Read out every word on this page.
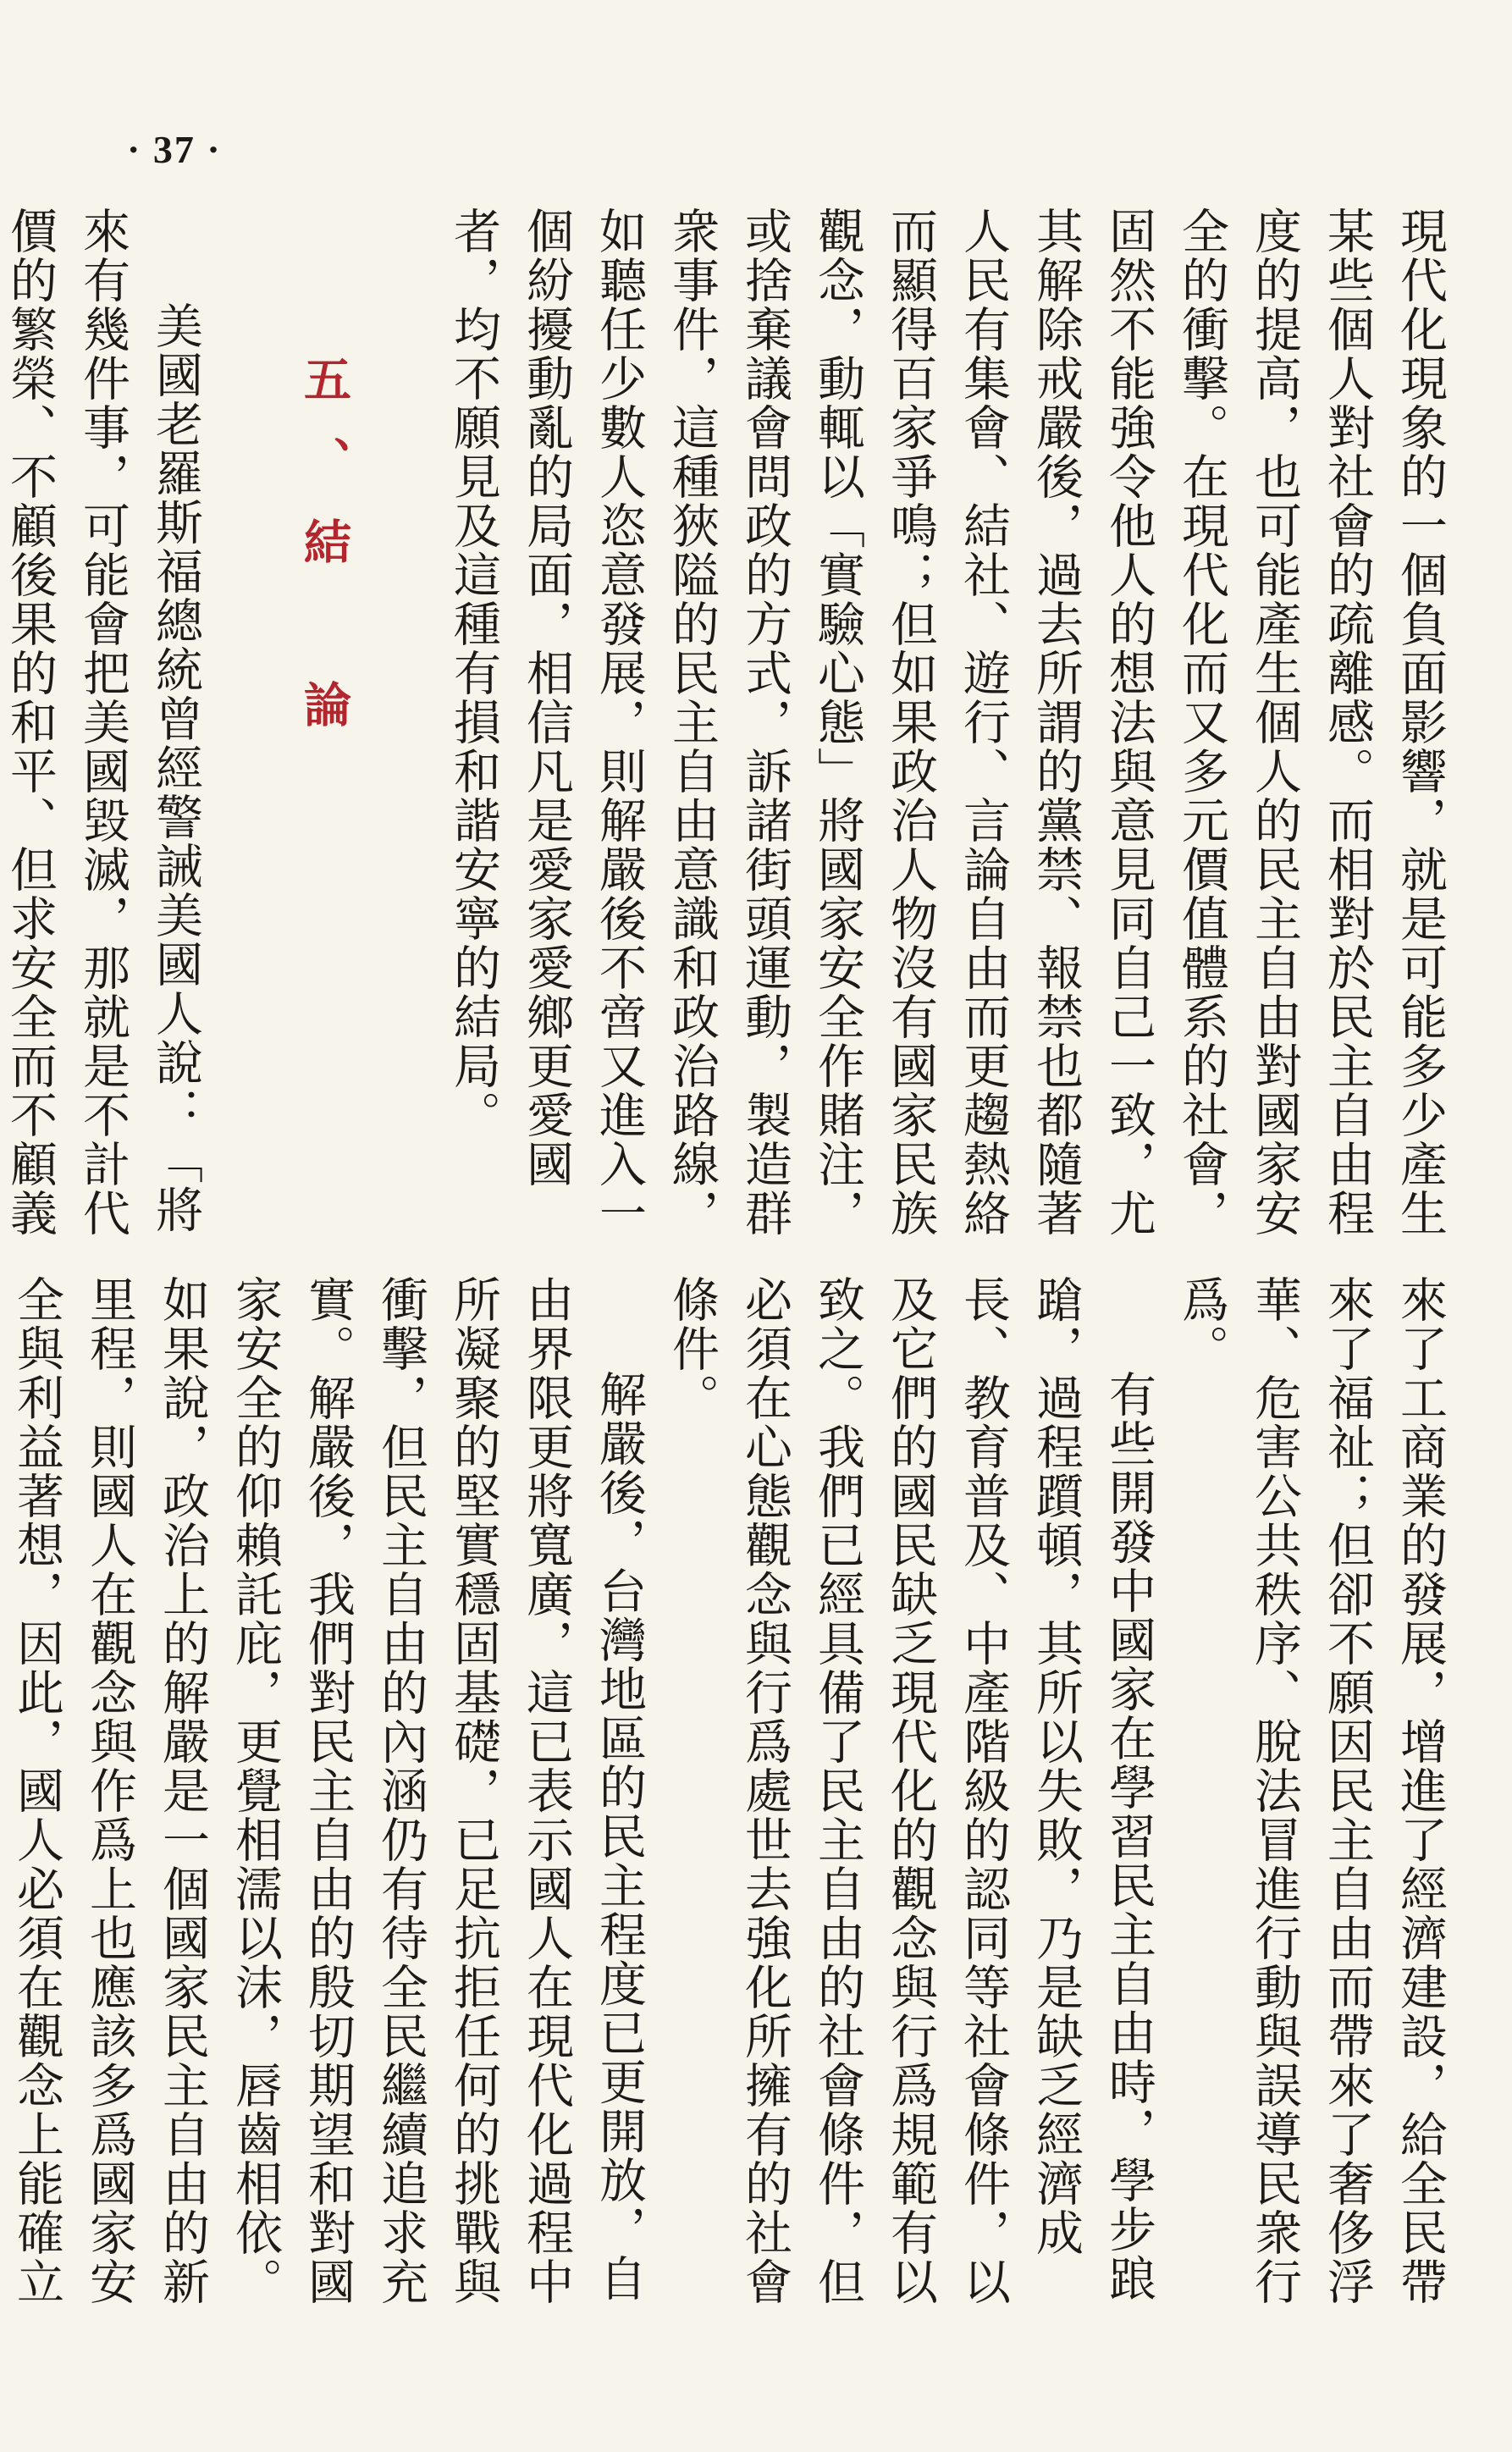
· 37 ·

現代化現象的一個負面影響，就是可能多少產生某些個人對社會的疏離感。而相對於民主自由程度的提高，也可能產生個人的民主自由對國家安全的衝擊。在現代化而又多元價值體系的社會，固然不能強令他人的想法與意見同自己一致，尤其解除戒嚴後，過去所謂的黨禁、報禁也都隨著人民有集會、結社、遊行、言論自由而更趨熱絡而顯得百家爭鳴；但如果政治人物沒有國家民族觀念，動輒以「實驗心態」將國家安全作賭注，或捨棄議會問政的方式，訴諸街頭運動，製造群衆事件，這種狹隘的民主自由意識和政治路線，如聽任少數人恣意發展，則解嚴後不啻又進入一個紛擾動亂的局面，相信凡是愛家愛鄉更愛國者，均不願見及這種有損和諧安寧的結局。

五、結　論

美國老羅斯福總統曾經警誡美國人說：「將來有幾件事，可能會把美國毀滅，那就是不計代價的繁榮、不顧後果的和平、但求安全而不顧義

來了工商業的發展，增進了經濟建設，給全民帶來了福祉；但卻不願因民主自由而帶來了奢侈浮華、危害公共秩序、脫法冒進行動與誤導民衆行爲。

有些開發中國家在學習民主自由時，學步踉蹌，過程躓頓，其所以失敗，乃是缺乏經濟成長、教育普及、中產階級的認同等社會條件，以及它們的國民缺乏現代化的觀念與行爲規範有以致之。我們已經具備了民主自由的社會條件，但必須在心態觀念與行爲處世去強化所擁有的社會條件。

解嚴後，台灣地區的民主程度已更開放，自由界限更將寬廣，這已表示國人在現代化過程中所凝聚的堅實穩固基礎，已足抗拒任何的挑戰與衝擊，但民主自由的內涵仍有待全民繼續追求充實。解嚴後，我們對民主自由的殷切期望和對國家安全的仰賴託庇，更覺相濡以沫，唇齒相依。如果說，政治上的解嚴是一個國家民主自由的新里程，則國人在觀念與作爲上也應該多爲國家安全與利益著想，因此，國人必須在觀念上能確立
